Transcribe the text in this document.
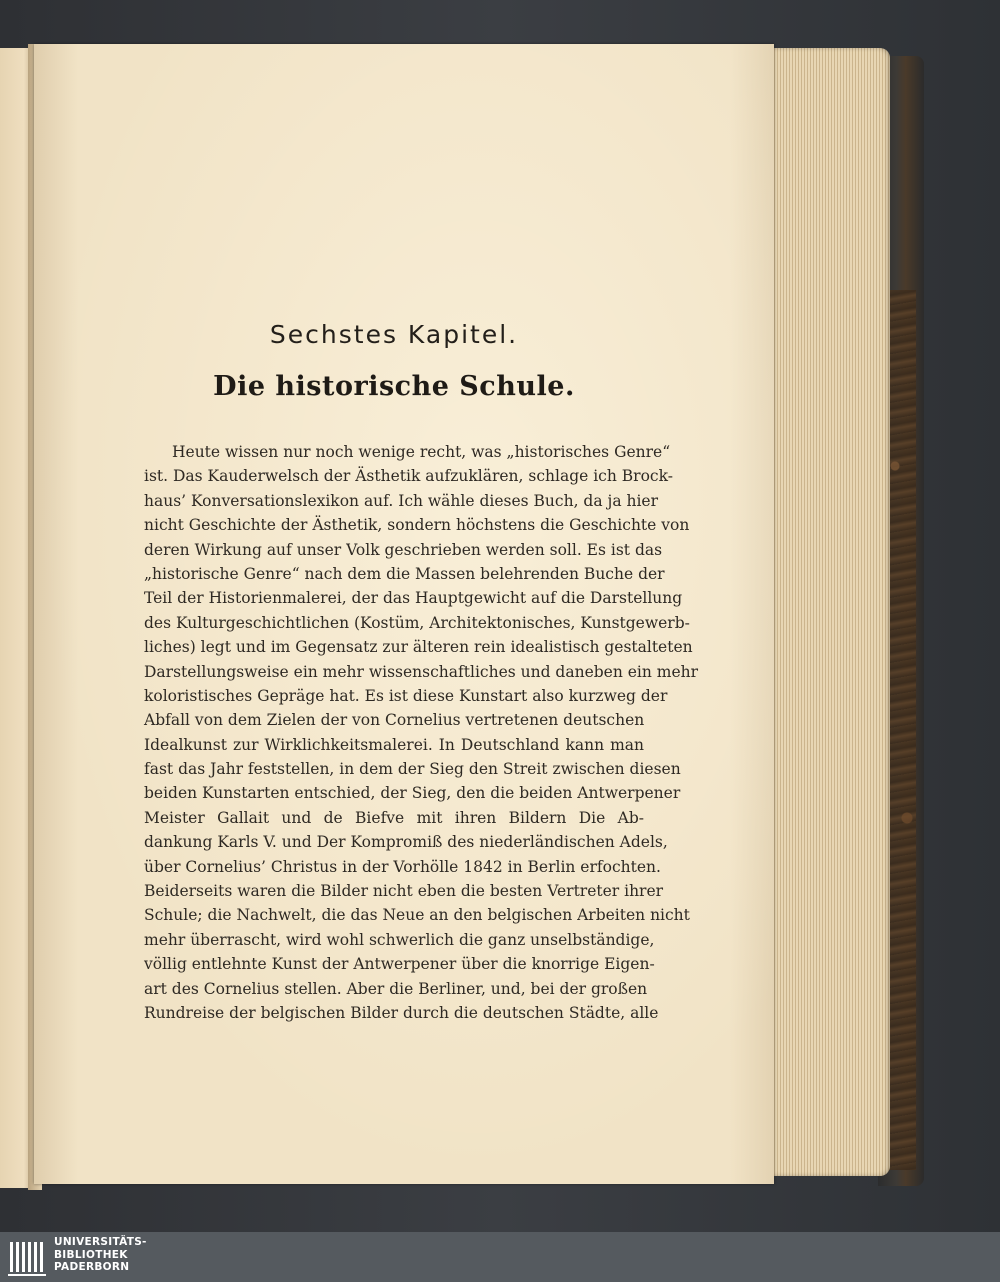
Sechstes Kapitel.
Die historische Schule.
Heute wissen nur noch wenige recht, was „historisches Genre“
ist. Das Kauderwelsch der Ästhetik aufzuklären, schlage ich Brock-
haus’ Konversationslexikon auf. Ich wähle dieses Buch, da ja hier
nicht Geschichte der Ästhetik, sondern höchstens die Geschichte von
deren Wirkung auf unser Volk geschrieben werden soll. Es ist das
„historische Genre“ nach dem die Massen belehrenden Buche der
Teil der Historienmalerei, der das Hauptgewicht auf die Darstellung
des Kulturgeschichtlichen (Kostüm, Architektonisches, Kunstgewerb-
liches) legt und im Gegensatz zur älteren rein idealistisch gestalteten
Darstellungsweise ein mehr wissenschaftliches und daneben ein mehr
koloristisches Gepräge hat. Es ist diese Kunstart also kurzweg der
Abfall von dem Zielen der von Cornelius vertretenen deutschen
Idealkunst zur Wirklichkeitsmalerei. In Deutschland kann man
fast das Jahr feststellen, in dem der Sieg den Streit zwischen diesen
beiden Kunstarten entschied, der Sieg, den die beiden Antwerpener
Meister Gallait und de Biefve mit ihren Bildern Die Ab-
dankung Karls V. und Der Kompromiß des niederländischen Adels,
über Cornelius’ Christus in der Vorhölle 1842 in Berlin erfochten.
Beiderseits waren die Bilder nicht eben die besten Vertreter ihrer
Schule; die Nachwelt, die das Neue an den belgischen Arbeiten nicht
mehr überrascht, wird wohl schwerlich die ganz unselbständige,
völlig entlehnte Kunst der Antwerpener über die knorrige Eigen-
art des Cornelius stellen. Aber die Berliner, und, bei der großen
Rundreise der belgischen Bilder durch die deutschen Städte, alle
UNIVERSITÄTS-
BIBLIOTHEK
PADERBORN
